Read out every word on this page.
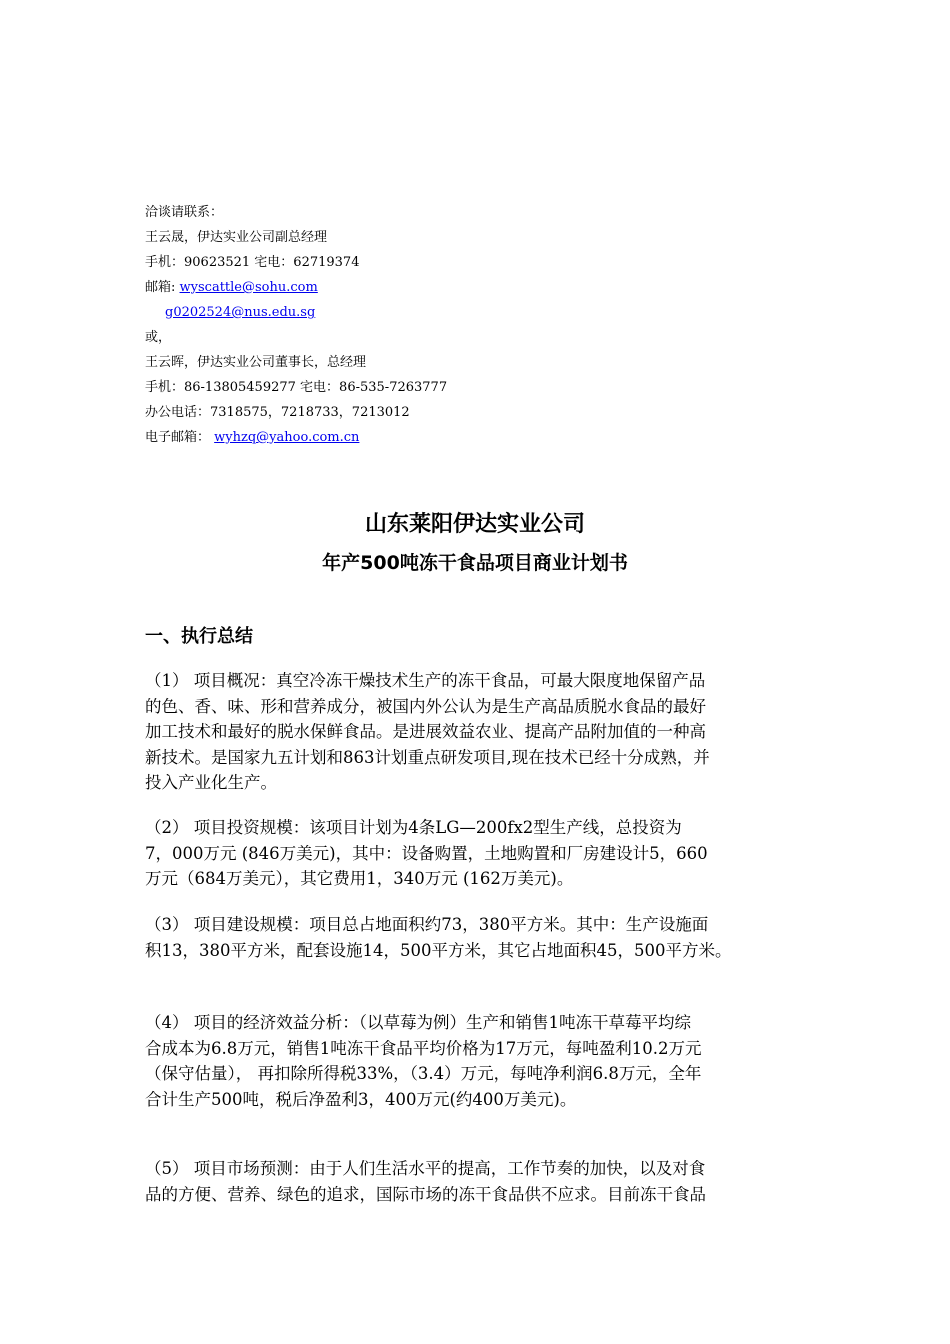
洽谈请联系：
王云晟，伊达实业公司副总经理
手机：90623521 宅电：62719374
邮箱: wyscattle@sohu.com
g0202524@nus.edu.sg
或，
王云晖，伊达实业公司董事长，总经理
手机：86-13805459277 宅电：86-535-7263777
办公电话：7318575，7218733，7213012
电子邮箱： wyhzq@yahoo.com.cn
山东莱阳伊达实业公司
年产500吨冻干食品项目商业计划书
一、执行总结
（1） 项目概况：真空冷冻干燥技术生产的冻干食品，可最大限度地保留产品
的色、香、味、形和营养成分，被国内外公认为是生产高品质脱水食品的最好
加工技术和最好的脱水保鲜食品。是进展效益农业、提高产品附加值的一种高
新技术。是国家九五计划和863计划重点研发项目,现在技术已经十分成熟，并
投入产业化生产。
（2） 项目投资规模：该项目计划为4条LG—200fx2型生产线，总投资为
7，000万元 (846万美元)，其中：设备购置，土地购置和厂房建设计5，660
万元（684万美元），其它费用1，340万元 (162万美元)。
（3） 项目建设规模：项目总占地面积约73，380平方米。其中：生产设施面
积13，380平方米，配套设施14，500平方米，其它占地面积45，500平方米。
（4） 项目的经济效益分析：（以草莓为例）生产和销售1吨冻干草莓平均综
合成本为6.8万元，销售1吨冻干食品平均价格为17万元，每吨盈利10.2万元
（保守估量）， 再扣除所得税33%，（3.4）万元，每吨净利润6.8万元，全年
合计生产500吨，税后净盈利3，400万元(约400万美元)。
（5） 项目市场预测：由于人们生活水平的提高，工作节奏的加快，以及对食
品的方便、营养、绿色的追求，国际市场的冻干食品供不应求。目前冻干食品
